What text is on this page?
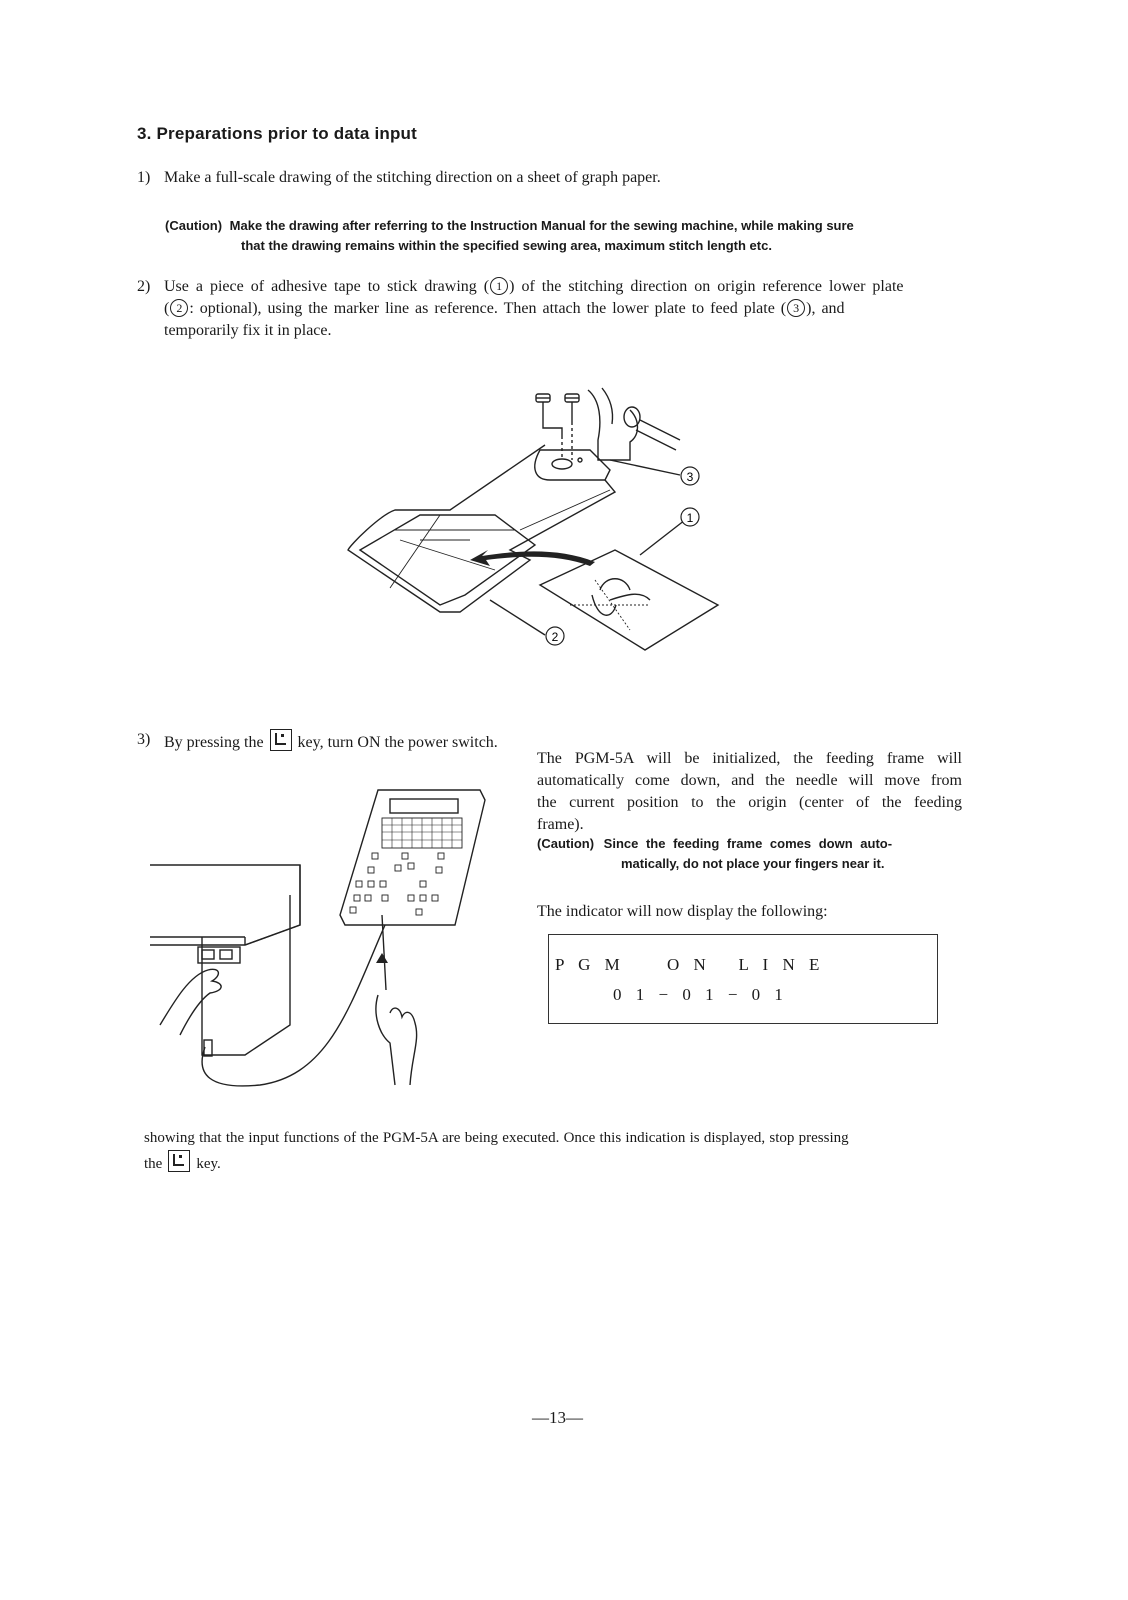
3. Preparations prior to data input
1) Make a full-scale drawing of the stitching direction on a sheet of graph paper.
(Caution) Make the drawing after referring to the Instruction Manual for the sewing machine, while making sure
that the drawing remains within the specified sewing area, maximum stitch length etc.
2) Use a piece of adhesive tape to stick drawing ( 1 ) of the stitching direction on origin reference lower plate
( 2 : optional), using the marker line as reference. Then attach the lower plate to feed plate ( 3 ), and
temporarily fix it in place.
3
1
2
3) By pressing the key, turn ON the power switch.
The PGM-5A will be initialized, the feeding frame will
automatically come down, and the needle will move from
the current position to the origin (center of the feeding
frame).
(Caution) Since the feeding frame comes down auto-
matically, do not place your fingers near it.
The indicator will now display the following:
P G M O N   L I N E
0 1 − 0 1 − 0 1
showing that the input functions of the PGM-5A are being executed. Once this indication is displayed, stop pressing
the key.
—13—
